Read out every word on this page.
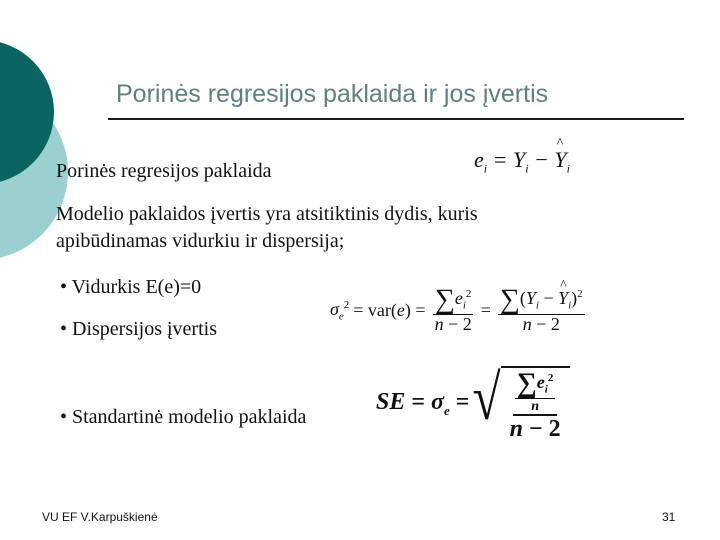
Porinės regresijos paklaida ir jos įvertis
Porinės regresijos paklaida	$e_i = Y_i$ − ^ $Y_i$
Modelio paklaidos įvertis yra atsitiktinis dydis, kuris
apibūdinamas vidurkiu ir dispersija;
• Vidurkis E(e)=0
• Dispersijos įvertis
$\sigma_e^2 = var(e) = \frac{\sum e_i^2}{n - 2} = \frac{\sum(Y_i - \^{} Y_i)^2}{n - 2}$
• Standartinė modelio paklaida
SE = $\sigma_e$ = √ $\frac{\frac{\sum e_i^2}{n}}{n - 2}$
VU EF V.Karpuškienė	31
